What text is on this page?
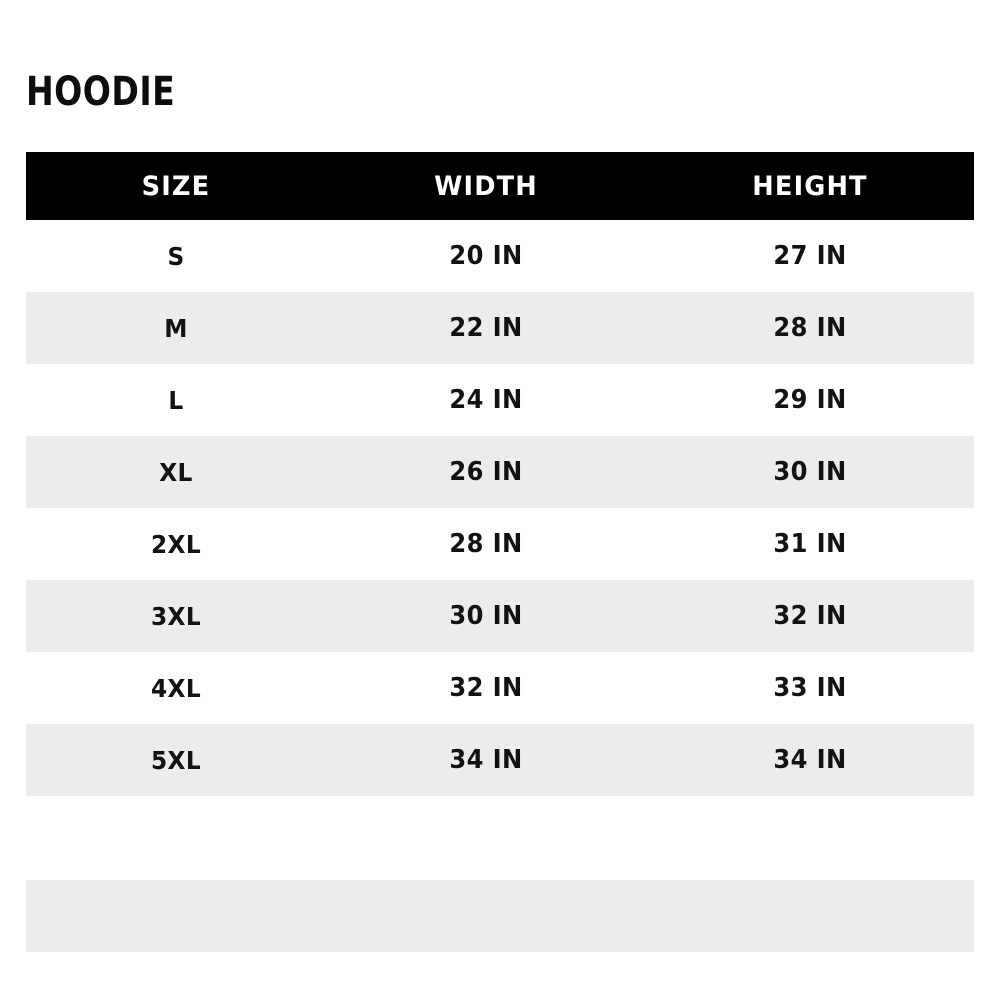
HOODIE
SIZE	WIDTH	HEIGHT
S	20 IN	27 IN
M	22 IN	28 IN
L	24 IN	29 IN
XL	26 IN	30 IN
2XL	28 IN	31 IN
3XL	30 IN	32 IN
4XL	32 IN	33 IN
5XL	34 IN	34 IN
